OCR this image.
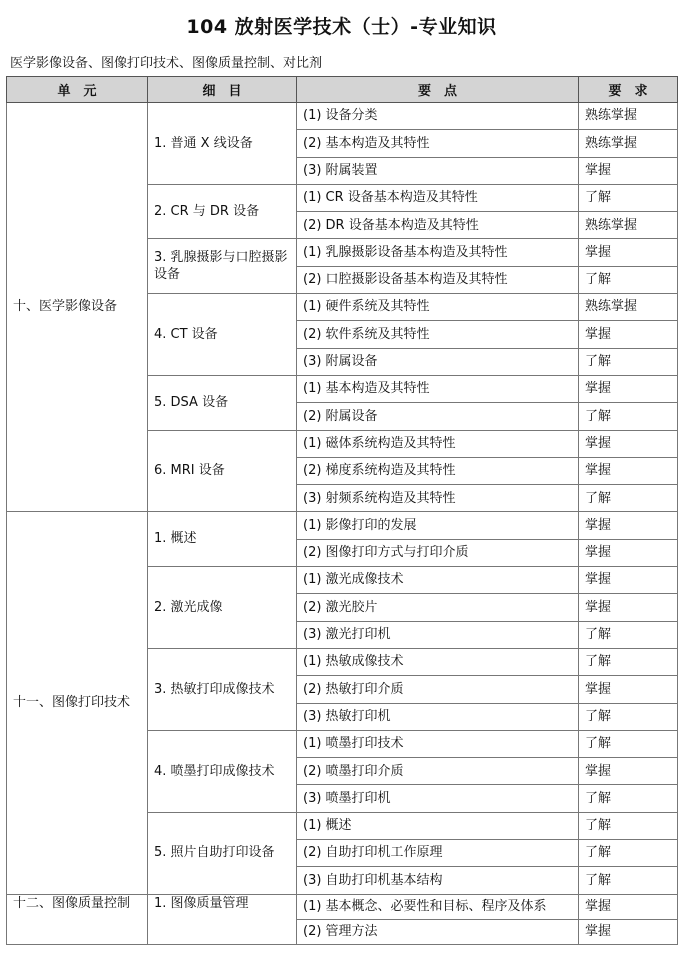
104 放射医学技术（士）-专业知识
医学影像设备、图像打印技术、图像质量控制、对比剂
单　元	细　目	要　点	要　求
十、医学影像设备	1. 普通 X 线设备	(1) 设备分类	熟练掌握
		(2) 基本构造及其特性	熟练掌握
		(3) 附属装置	掌握
	2. CR 与 DR 设备	(1) CR 设备基本构造及其特性	了解
		(2) DR 设备基本构造及其特性	熟练掌握
	3. 乳腺摄影与口腔摄影设备	(1) 乳腺摄影设备基本构造及其特性	掌握
		(2) 口腔摄影设备基本构造及其特性	了解
	4. CT 设备	(1) 硬件系统及其特性	熟练掌握
		(2) 软件系统及其特性	掌握
		(3) 附属设备	了解
	5. DSA 设备	(1) 基本构造及其特性	掌握
		(2) 附属设备	了解
	6. MRI 设备	(1) 磁体系统构造及其特性	掌握
		(2) 梯度系统构造及其特性	掌握
		(3) 射频系统构造及其特性	了解
十一、图像打印技术	1. 概述	(1) 影像打印的发展	掌握
		(2) 图像打印方式与打印介质	掌握
	2. 激光成像	(1) 激光成像技术	掌握
		(2) 激光胶片	掌握
		(3) 激光打印机	了解
	3. 热敏打印成像技术	(1) 热敏成像技术	了解
		(2) 热敏打印介质	掌握
		(3) 热敏打印机	了解
	4. 喷墨打印成像技术	(1) 喷墨打印技术	了解
		(2) 喷墨打印介质	掌握
		(3) 喷墨打印机	了解
	5. 照片自助打印设备	(1) 概述	了解
		(2) 自助打印机工作原理	了解
		(3) 自助打印机基本结构	了解
十二、图像质量控制	1. 图像质量管理	(1) 基本概念、必要性和目标、程序及体系	掌握
		(2) 管理方法	掌握
